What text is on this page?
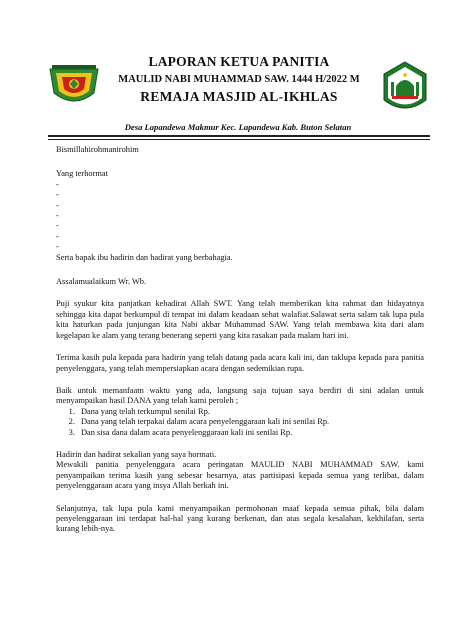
LAPORAN KETUA PANITIA
MAULID NABI MUHAMMAD SAW. 1444 H/2022 M
REMAJA MASJID AL-IKHLAS
Desa Lapandewa Makmur Kec. Lapandewa Kab. Buton Selatan

Bismillahirohmanirohim

Yang terhormat

-

-

-

-

-

-

-

Serta bapak ibu hadirin dan hadirat yang berbahagia.

Assalamualaikum Wr. Wb.

Puji syukur kita panjatkan kehadirat Allah SWT. Yang telah memberikan kita rahmat dan hidayatnya sehingga kita dapat berkumpul di tempat ini dalam keadaan sehat walafiat.Salawat serta salam tak lupa pula kita haturkan pada junjungan kita Nabi akbar Muhammad SAW. Yang telah membawa kita dari alam kegelapan ke alam yang terang benerang seperti yang kita rasakan pada malam hari ini.

Terima kasih pula kepada para hadirin yang telah datang pada acara kali ini, dan taklupa kepada para panitia penyelenggara, yang telah mempersiapkan acara dengan sedemikian rupa.

Baik untuk memanfaatn waktu yang ada, langsung saja tujuan saya berdiri di sini adalan untuk menyampaikan hasil DANA yang telah kami peroleh ;

1. Dana yang telah terkumpul senilai Rp.
2. Dana yang telah terpakai dalam acara penyelenggaraan kali ini senilai Rp.
3. Dan sisa dana dalam acara penyelenggaraan kali ini senilai Rp.

Hadirin dan hadirat sekalian yang saya hormati.

Mewakili panitia penyelenggara acara peringatan MAULID NABI MUHAMMAD SAW. kami penyampaikan terima kasih yang sebesar besarnya, atas partisipasi kepada semua yang terlibat, dalam penyelenggaraan acara yang insya Allah berkah ini.

Selanjutnya, tak lupa pula kami menyampaikan permohonan maaf kepada semua pihak, bila dalam penyelenggaraan ini terdapat hal-hal yang kurang berkenan, dan atas segala kesalahan, kekhilafan, serta kurang lebih-nya.
